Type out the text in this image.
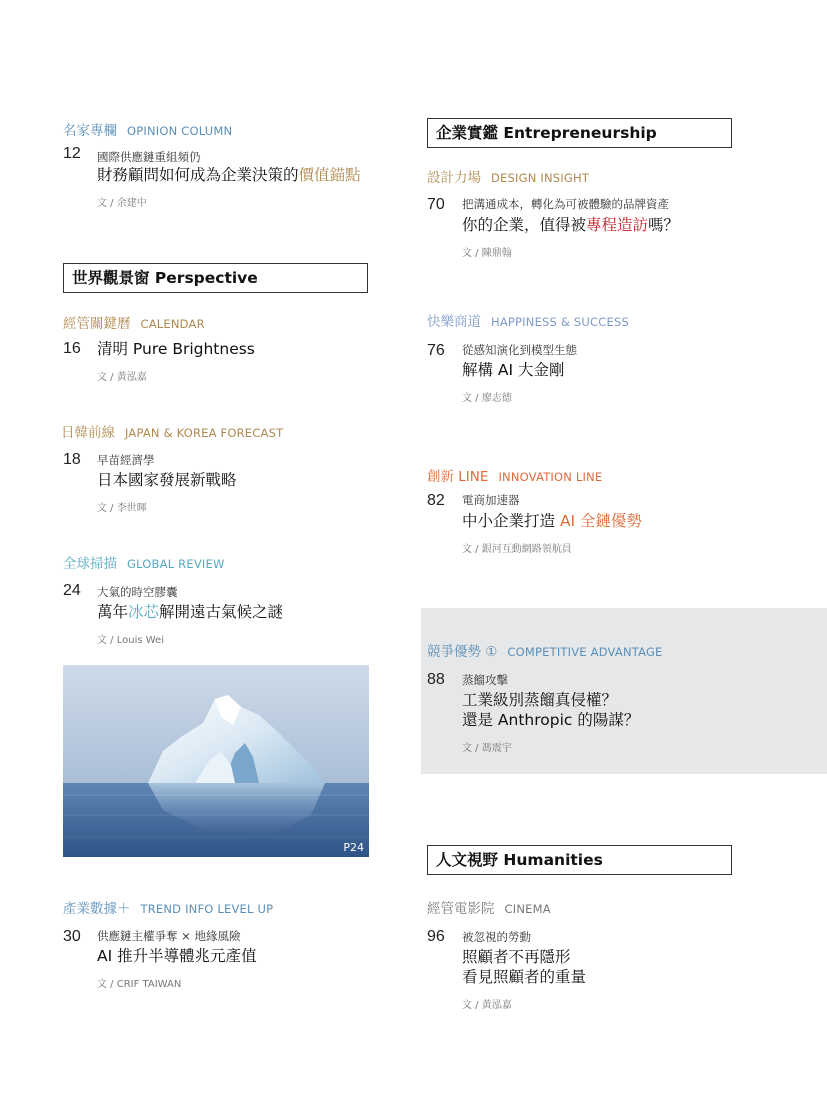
名家專欄 OPINION COLUMN
12 國際供應鏈重組頻仍
財務顧問如何成為企業決策的價值錨點
文 / 余建中
世界觀景窗 Perspective
經管關鍵曆 CALENDAR
16 清明 Pure Brightness
文 / 黃泓嘉
日韓前線 JAPAN & KOREA FORECAST
18 早苗經濟學
日本國家發展新戰略
文 / 李世暉
全球掃描 GLOBAL REVIEW
24 大氣的時空膠囊
萬年冰芯解開遠古氣候之謎
文 / Louis Wei
P24
產業數據＋ TREND INFO LEVEL UP
30 供應鏈主權爭奪 × 地緣風險
AI 推升半導體兆元產值
文 / CRIF TAIWAN
企業實鑑 Entrepreneurship
設計力場 DESIGN INSIGHT
70 把溝通成本，轉化為可被體驗的品牌資產
你的企業，值得被專程造訪嗎？
文 / 陳鼎翰
快樂商道 HAPPINESS & SUCCESS
76 從感知演化到模型生態
解構 AI 大金剛
文 / 廖志德
創新 LINE INNOVATION LINE
82 電商加速器
中小企業打造 AI 全鏈優勢
文 / 銀河互動網路領航員
競爭優勢 ① COMPETITIVE ADVANTAGE
88 蒸餾攻擊
工業級別蒸餾真侵權？
還是 Anthropic 的陽謀？
文 / 馮震宇
人文視野 Humanities
經管電影院 CINEMA
96 被忽視的勞動
照顧者不再隱形
看見照顧者的重量
文 / 黃泓嘉
